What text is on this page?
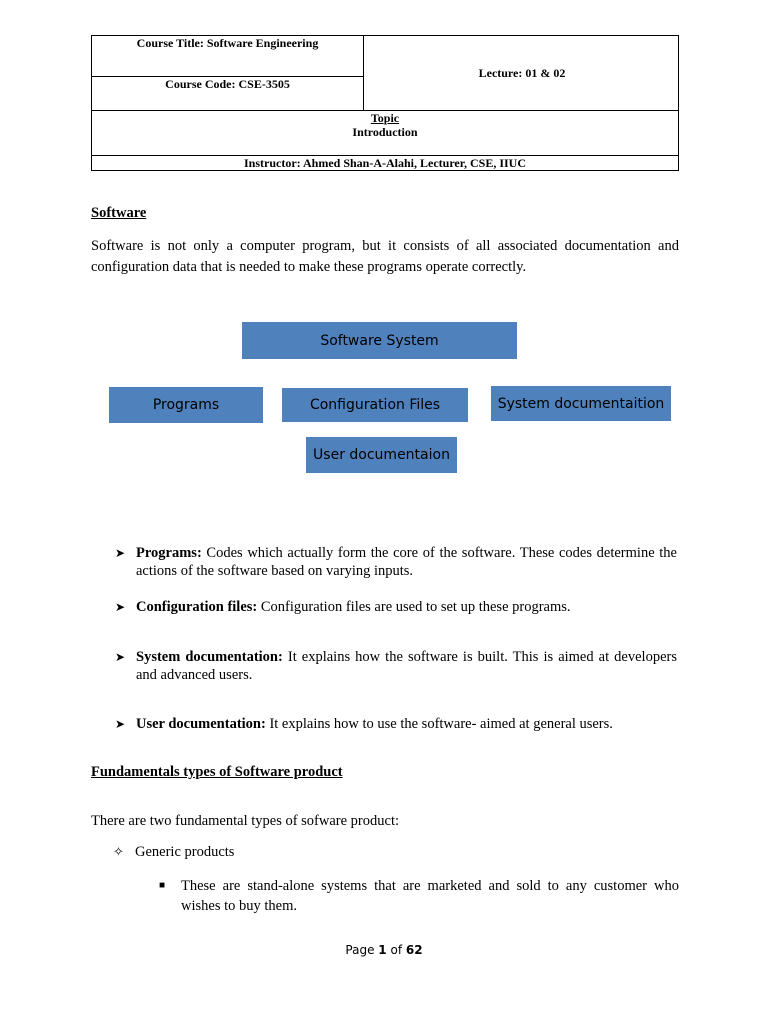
Course Title: Software Engineering
Course Code: CSE-3505
Lecture: 01 & 02
Topic
Introduction
Instructor: Ahmed Shan-A-Alahi, Lecturer, CSE, IIUC
Software
Software is not only a computer program, but it consists of all associated documentation and configuration data that is needed to make these programs operate correctly.
Software System
Programs	Configuration Files	System documentaition
User documentaion
➤ Programs: Codes which actually form the core of the software. These codes determine the actions of the software based on varying inputs.
➤ Configuration files: Configuration files are used to set up these programs.
➤ System documentation: It explains how the software is built. This is aimed at developers and advanced users.
➤ User documentation: It explains how to use the software- aimed at general users.
Fundamentals types of Software product
There are two fundamental types of sofware product:
✧ Generic products
■ These are stand-alone systems that are marketed and sold to any customer who wishes to buy them.
Page 1 of 62
